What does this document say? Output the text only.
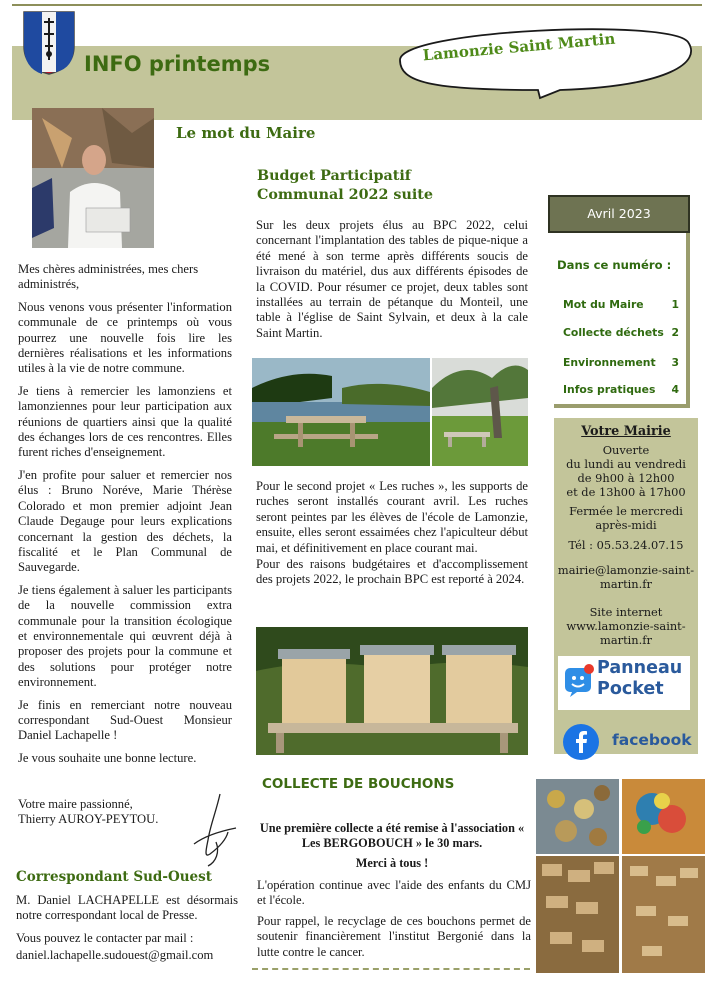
INFO printemps	Lamonzie Saint Martin
Le mot du Maire

Mes chères administrées, mes chers administrés,

Nous venons vous présenter l'information communale de ce printemps où vous pourrez une nouvelle fois lire les dernières réalisations et les informations utiles à la vie de notre commune.

Je tiens à remercier les lamonziens et lamonziennes pour leur participation aux réunions de quartiers ainsi que la qualité des échanges lors de ces rencontres. Elles furent riches d'enseignement.

J'en profite pour saluer et remercier nos élus : Bruno Noréve, Marie Thérèse Colorado et mon premier adjoint Jean Claude Degauge pour leurs explications concernant la gestion des déchets, la fiscalité et le Plan Communal de Sauvegarde.

Je tiens également à saluer les participants de la nouvelle commission extra communale pour la transition écologique et environnementale qui œuvrent déjà à proposer des projets pour la commune et des solutions pour protéger notre environnement.

Je finis en remerciant notre nouveau correspondant Sud-Ouest Monsieur Daniel Lachapelle !

Je vous souhaite une bonne lecture.

Votre maire passionné,
Thierry AUROY-PEYTOU.
Correspondant Sud-Ouest

M. Daniel LACHAPELLE est désormais notre correspondant local de Presse.

Vous pouvez le contacter par mail :

daniel.lachapelle.sudouest@gmail.com
Budget Participatif
Communal 2022 suite
Sur les deux projets élus au BPC 2022, celui concernant l'implantation des tables de pique-nique a été mené à son terme après différents soucis de livraison du matériel, dus aux différents épisodes de la COVID. Pour résumer ce projet, deux tables sont installées au terrain de pétanque du Monteil, une table à l'église de Saint Sylvain, et deux à la cale Saint Martin.

Pour le second projet « Les ruches », les supports de ruches seront installés courant avril. Les ruches seront peintes par les élèves de l'école de Lamonzie, ensuite, elles seront essaimées chez l'apiculteur début mai, et définitivement en place courant mai.

Pour des raisons budgétaires et d'accomplissement des projets 2022, le prochain BPC est reporté à 2024.

COLLECTE DE BOUCHONS
Une première collecte a été remise à l'association « Les BERGOBOUCH » le 30 mars.
Merci à tous !

L'opération continue avec l'aide des enfants du CMJ et l'école.

Pour rappel, le recyclage de ces bouchons permet de soutenir financièrement l'institut Bergonié dans la lutte contre le cancer.

Avril 2023
Dans ce numéro :
Mot du Maire	1
Collecte déchets 2
Environnement 3
Infos pratiques 4
Votre Mairie
Ouverte
du lundi au vendredi
de 9h00 à 12h00
et de 13h00 à 17h00
Fermée le mercredi
après-midi
Tél : 05.53.24.07.15
mairie@lamonzie-saint-
martin.fr
Site internet
www.lamonzie-saint-
martin.fr
Panneau
Pocket
facebook
